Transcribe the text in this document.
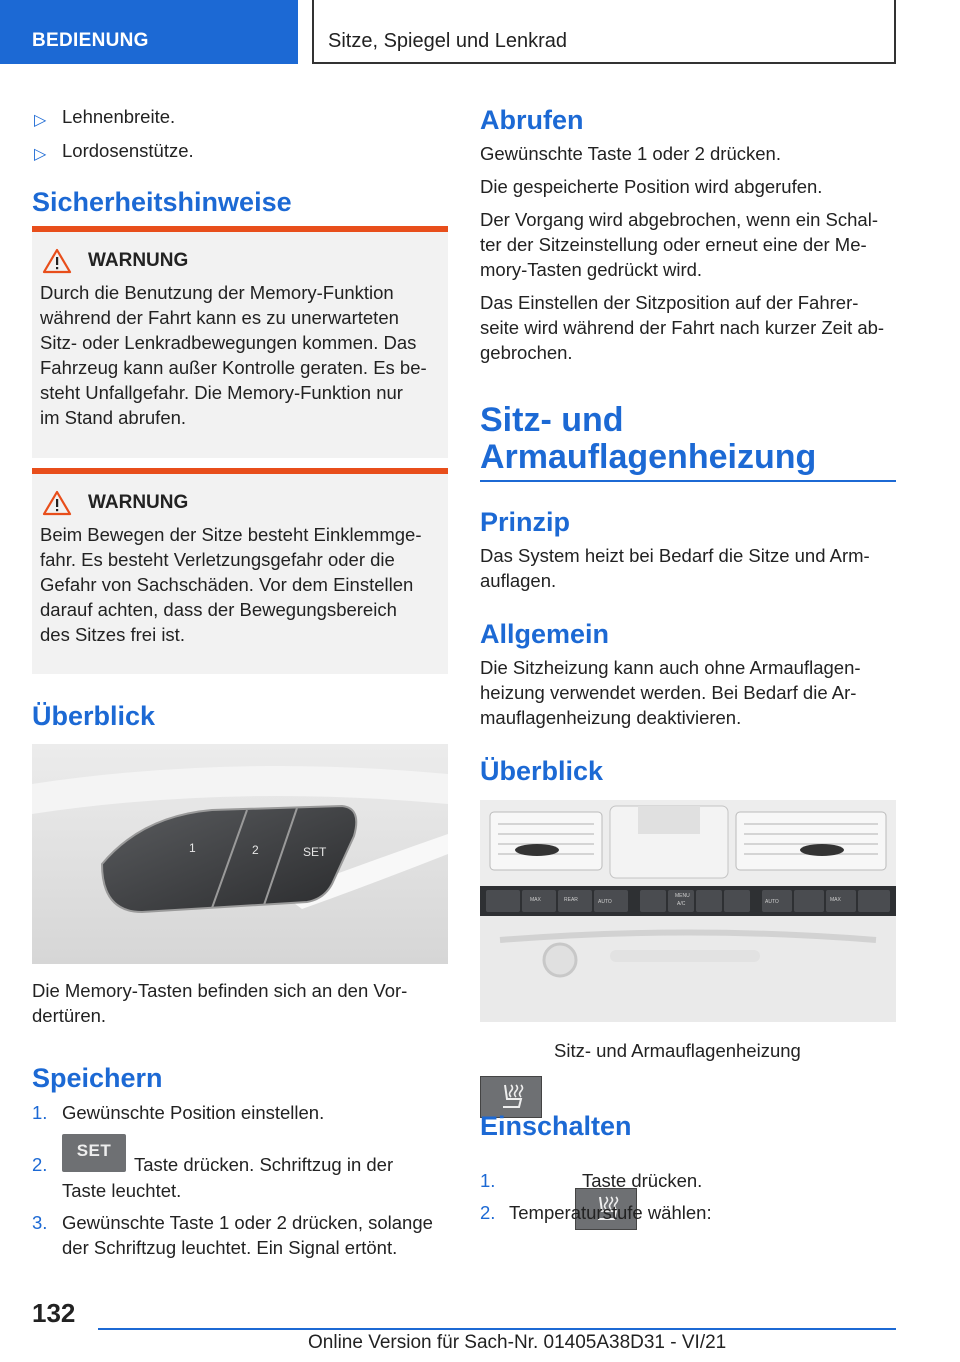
BEDIENUNG	Sitze, Spiegel und Lenkrad
▷ Lehnenbreite.
▷ Lordosenstütze.
Sicherheitshinweise
WARNUNG
Durch die Benutzung der Memory-Funktion
während der Fahrt kann es zu unerwarteten
Sitz- oder Lenkradbewegungen kommen. Das
Fahrzeug kann außer Kontrolle geraten. Es be-
steht Unfallgefahr. Die Memory-Funktion nur
im Stand abrufen.
WARNUNG
Beim Bewegen der Sitze besteht Einklemmge-
fahr. Es besteht Verletzungsgefahr oder die
Gefahr von Sachschäden. Vor dem Einstellen
darauf achten, dass der Bewegungsbereich
des Sitzes frei ist.
Überblick
1	2	SET
Die Memory-Tasten befinden sich an den Vor-
dertüren.
Speichern
1. Gewünschte Position einstellen.
2.
SET
Taste drücken. Schriftzug in der
Taste leuchtet.
3. Gewünschte Taste 1 oder 2 drücken, solange
der Schriftzug leuchtet. Ein Signal ertönt.
Abrufen
Gewünschte Taste 1 oder 2 drücken.
Die gespeicherte Position wird abgerufen.
Der Vorgang wird abgebrochen, wenn ein Schal-
ter der Sitzeinstellung oder erneut eine der Me-
mory-Tasten gedrückt wird.
Das Einstellen der Sitzposition auf der Fahrer-
seite wird während der Fahrt nach kurzer Zeit ab-
gebrochen.
Sitz- und
Armauflagenheizung
Prinzip
Das System heizt bei Bedarf die Sitze und Arm-
auflagen.
Allgemein
Die Sitzheizung kann auch ohne Armauflagen-
heizung verwendet werden. Bei Bedarf die Ar-
mauflagenheizung deaktivieren.
Überblick
MAX	REAR	AUTO
MENU
A/C	AUTO	MAX

Sitz- und Armauflagenheizung
Einschalten
1.	Taste drücken.
2. Temperaturstufe wählen:
132
Online Version für Sach-Nr. 01405A38D31 - VI/21
